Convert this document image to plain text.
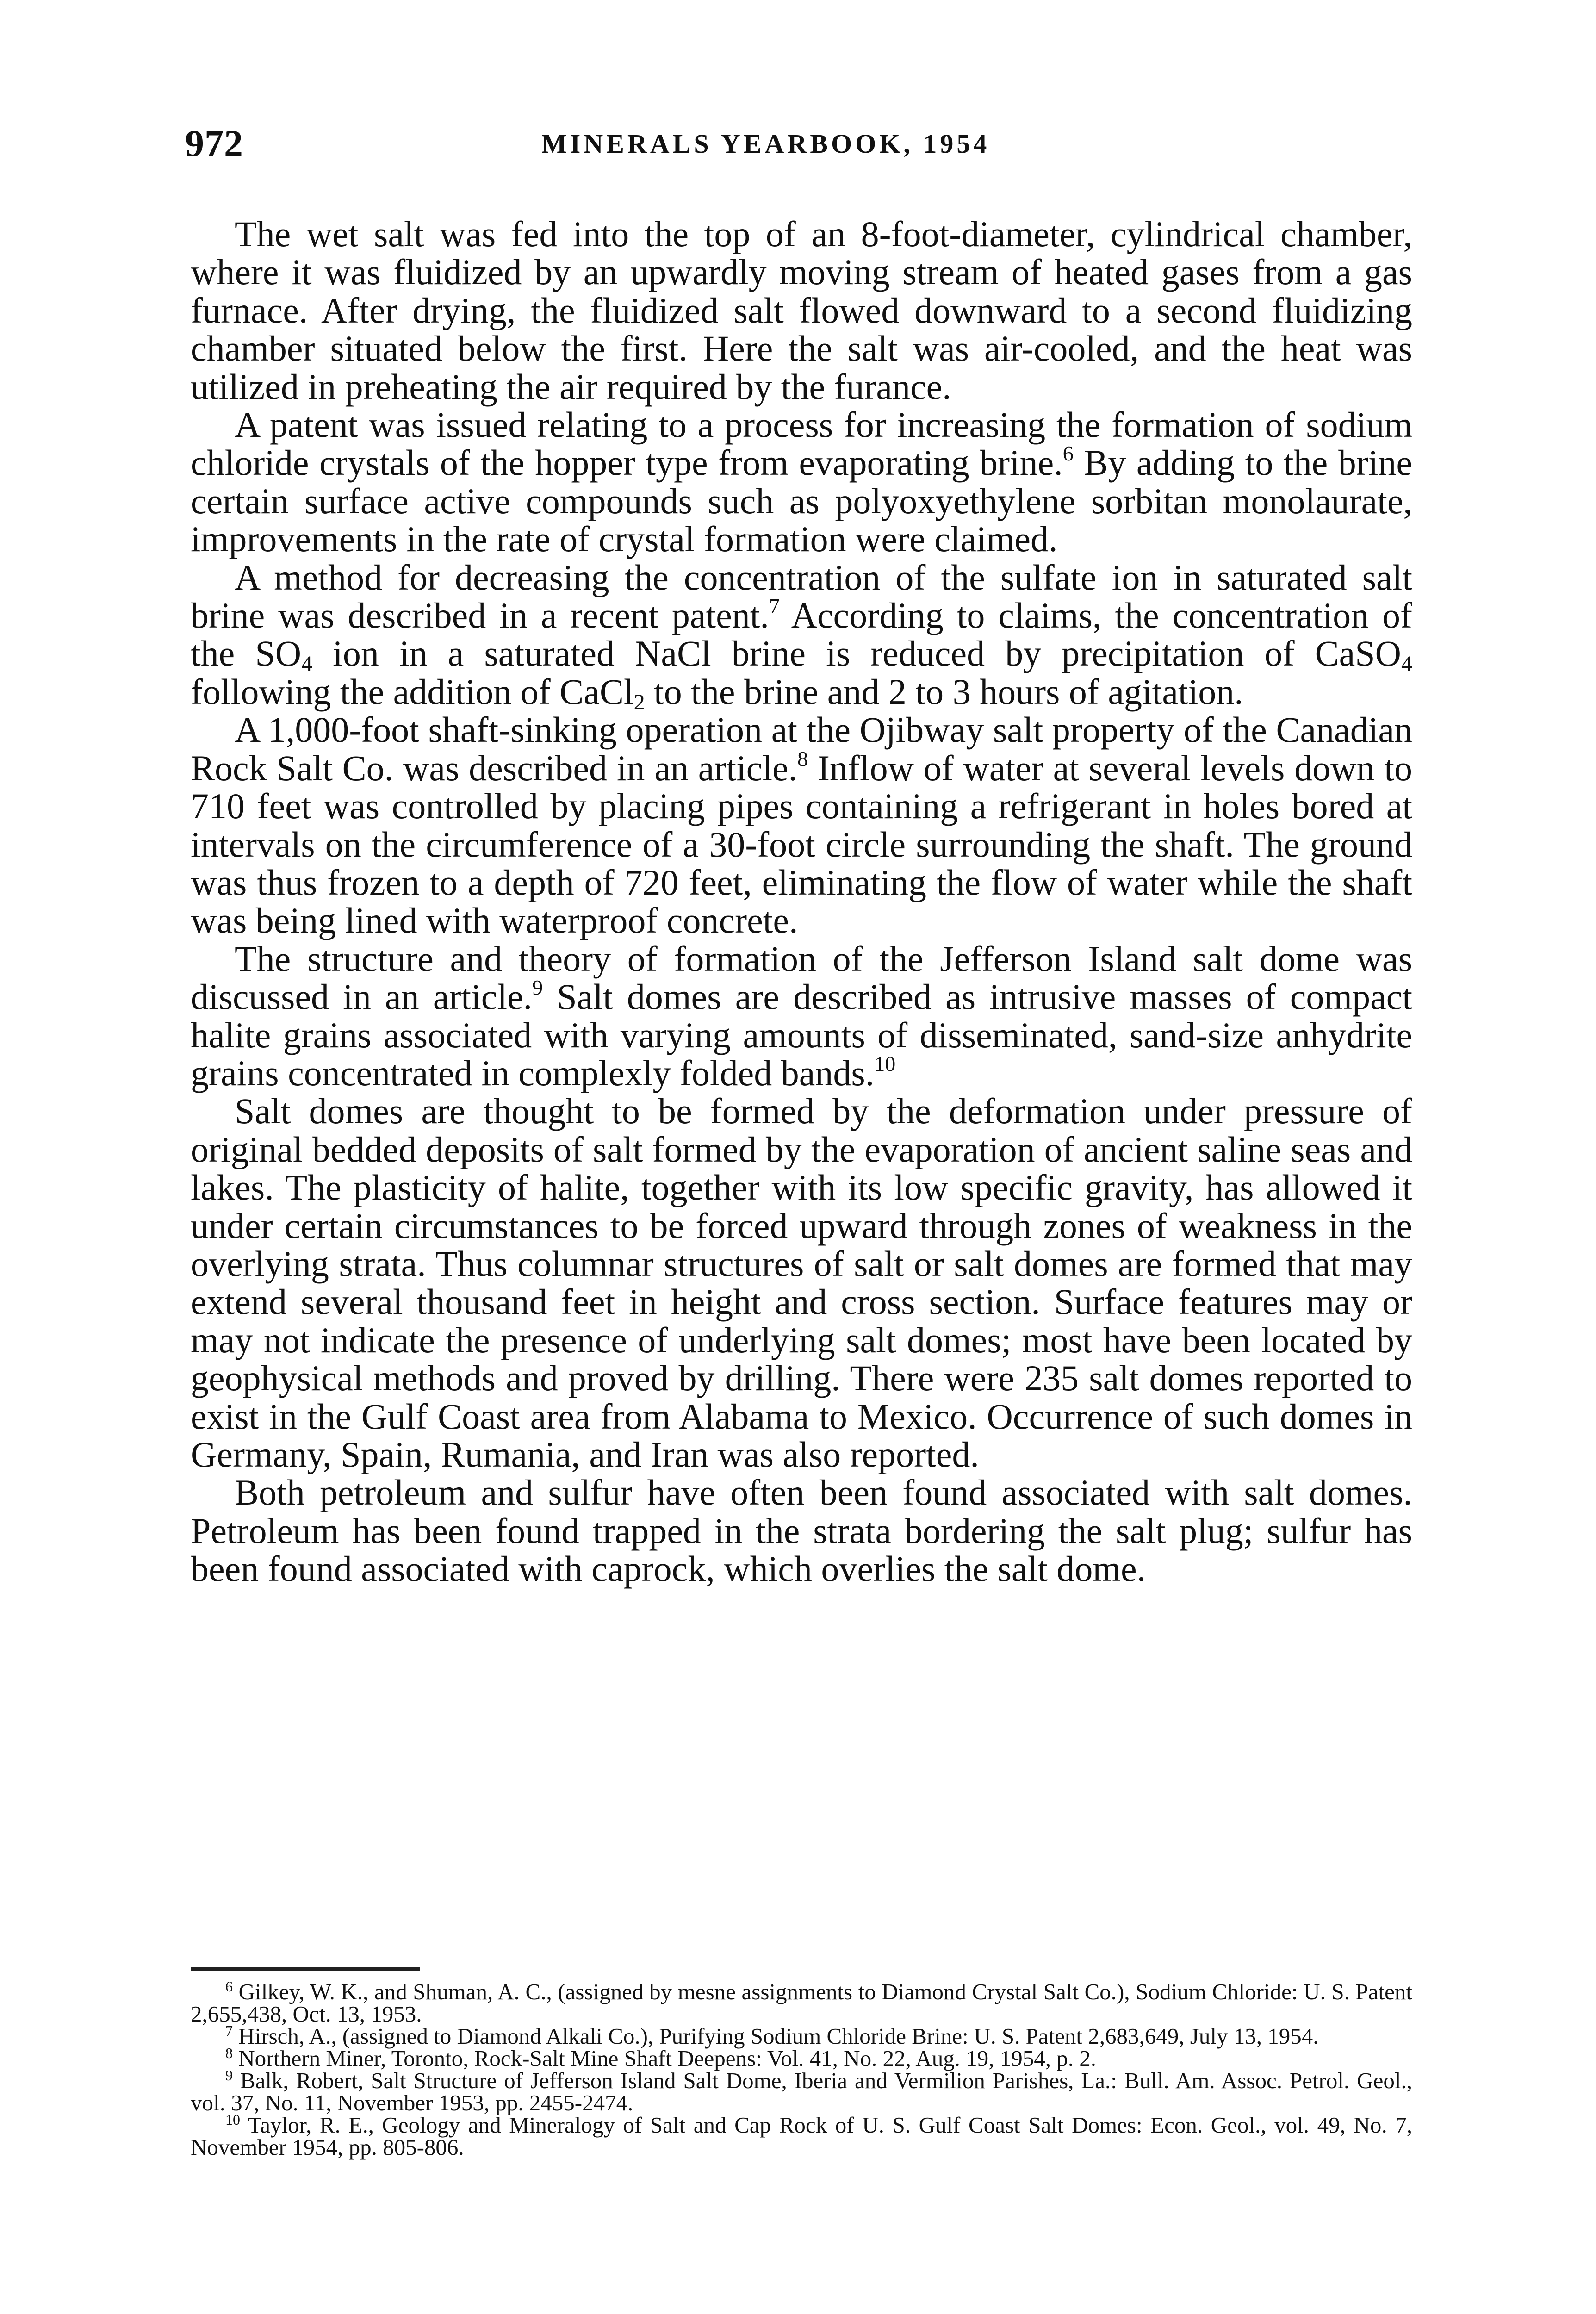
972	MINERALS YEARBOOK, 1954

The wet salt was fed into the top of an 8-foot-diameter, cylindrical chamber, where it was fluidized by an upwardly moving stream of heated gases from a gas furnace. After drying, the fluidized salt flowed downward to a second fluidizing chamber situated below the first. Here the salt was air-cooled, and the heat was utilized in preheating the air required by the furance.

A patent was issued relating to a process for increasing the formation of sodium chloride crystals of the hopper type from evaporating brine.$^6$ By adding to the brine certain surface active compounds such as polyoxyethylene sorbitan monolaurate, improvements in the rate of crystal formation were claimed.

A method for decreasing the concentration of the sulfate ion in saturated salt brine was described in a recent patent.$^7$ According to claims, the concentration of the $SO_4$ ion in a saturated NaCl brine is reduced by precipitation of CaSO$_4$ following the addition of CaCl$_2$ to the brine and 2 to 3 hours of agitation.

A 1,000-foot shaft-sinking operation at the Ojibway salt property of the Canadian Rock Salt Co. was described in an article.$^8$ Inflow of water at several levels down to 710 feet was controlled by placing pipes containing a refrigerant in holes bored at intervals on the circumference of a 30-foot circle surrounding the shaft. The ground was thus frozen to a depth of 720 feet, eliminating the flow of water while the shaft was being lined with waterproof concrete.

The structure and theory of formation of the Jefferson Island salt dome was discussed in an article.$^9$ Salt domes are described as intrusive masses of compact halite grains associated with varying amounts of disseminated, sand-size anhydrite grains concentrated in complexly folded bands.$^{10}$

Salt domes are thought to be formed by the deformation under pressure of original bedded deposits of salt formed by the evaporation of ancient saline seas and lakes. The plasticity of halite, together with its low specific gravity, has allowed it under certain circumstances to be forced upward through zones of weakness in the overlying strata. Thus columnar structures of salt or salt domes are formed that may extend several thousand feet in height and cross section. Surface features may or may not indicate the presence of underlying salt domes; most have been located by geophysical methods and proved by drilling. There were 235 salt domes reported to exist in the Gulf Coast area from Alabama to Mexico. Occurrence of such domes in Germany, Spain, Rumania, and Iran was also reported.

Both petroleum and sulfur have often been found associated with salt domes. Petroleum has been found trapped in the strata bordering the salt plug; sulfur has been found associated with caprock, which overlies the salt dome.

$^6$ Gilkey, W. K., and Shuman, A. C., (assigned by mesne assignments to Diamond Crystal Salt Co.), Sodium Chloride: U. S. Patent 2,655,438, Oct. 13, 1953.

$^7$ Hirsch, A., (assigned to Diamond Alkali Co.), Purifying Sodium Chloride Brine: U. S. Patent 2,683,649, July 13, 1954.

$^8$ Northern Miner, Toronto, Rock-Salt Mine Shaft Deepens: Vol. 41, No. 22, Aug. 19, 1954, p. 2.

$^9$ Balk, Robert, Salt Structure of Jefferson Island Salt Dome, Iberia and Vermilion Parishes, La.: Bull. Am. Assoc. Petrol. Geol., vol. 37, No. 11, November 1953, pp. 2455-2474.

$^{10}$ Taylor, R. E., Geology and Mineralogy of Salt and Cap Rock of U. S. Gulf Coast Salt Domes: Econ. Geol., vol. 49, No. 7, November 1954, pp. 805-806.
